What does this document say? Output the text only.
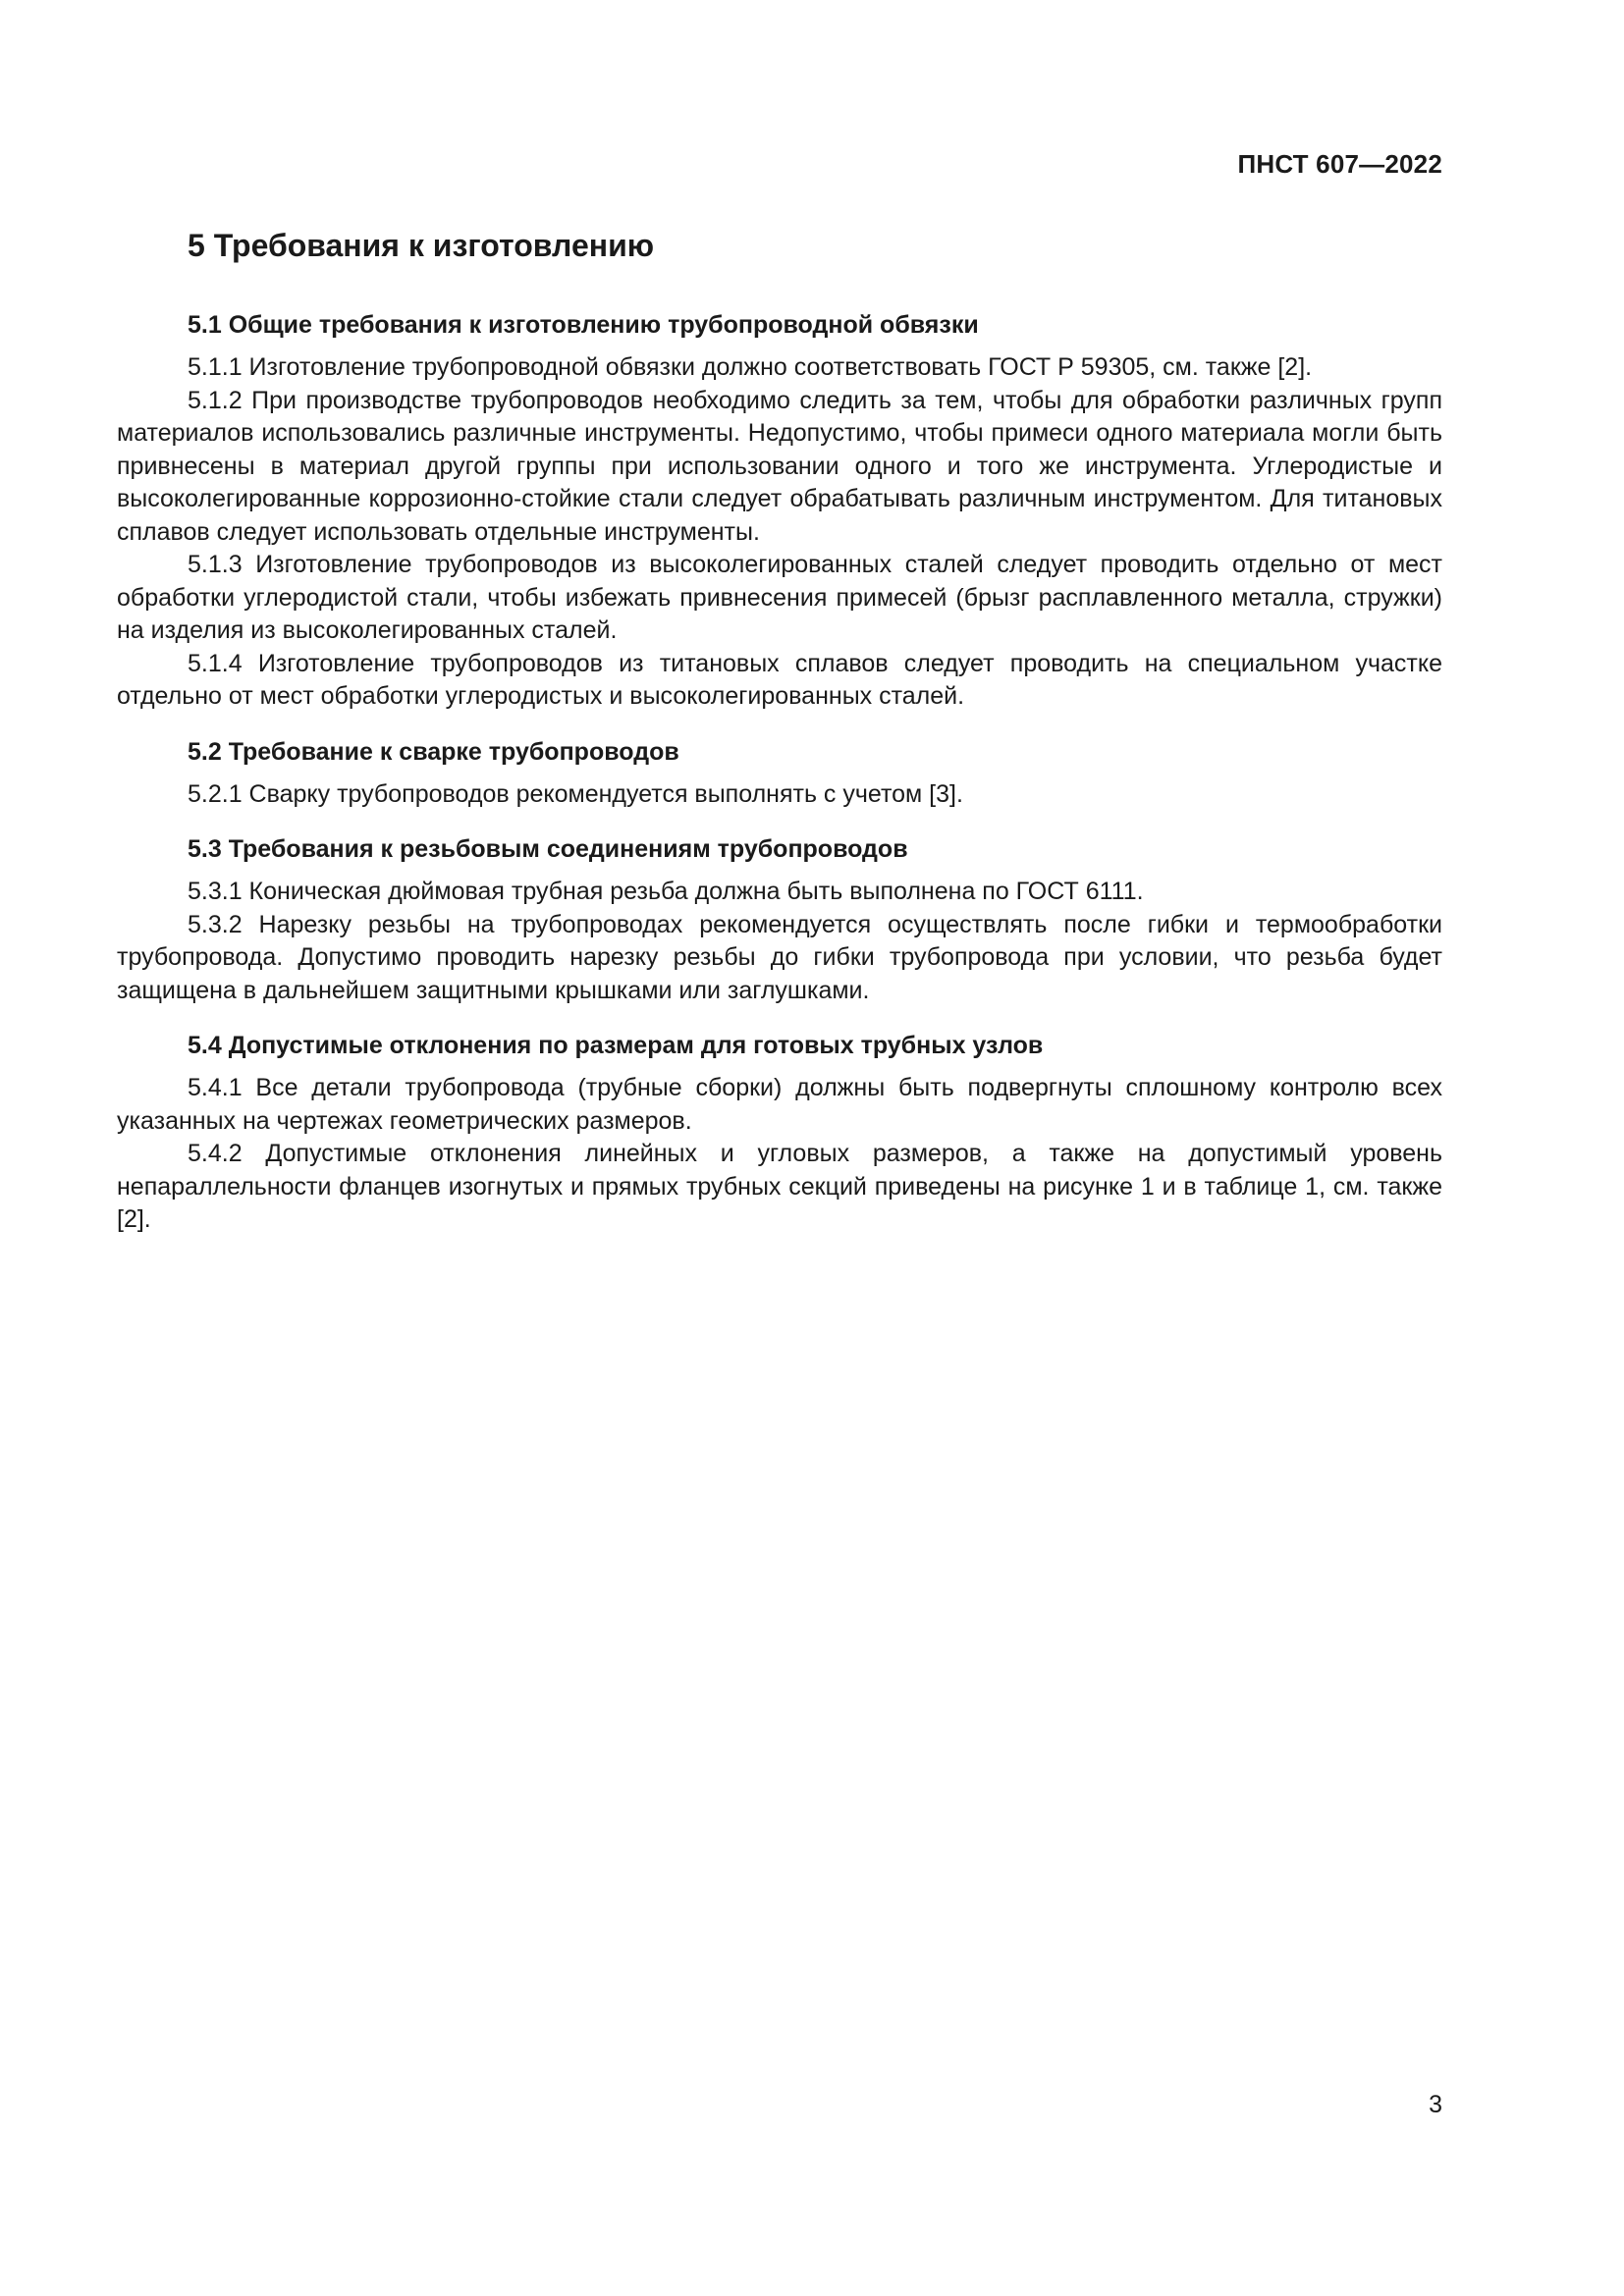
ПНСТ 607—2022
5 Требования к изготовлению
5.1 Общие требования к изготовлению трубопроводной обвязки

5.1.1 Изготовление трубопроводной обвязки должно соответствовать ГОСТ Р 59305, см. также [2].

5.1.2 При производстве трубопроводов необходимо следить за тем, чтобы для обработки различных групп материалов использовались различные инструменты. Недопустимо, чтобы примеси одного материала могли быть привнесены в материал другой группы при использовании одного и того же инструмента. Углеродистые и высоколегированные коррозионно-стойкие стали следует обрабатывать различным инструментом. Для титановых сплавов следует использовать отдельные инструменты.

5.1.3 Изготовление трубопроводов из высоколегированных сталей следует проводить отдельно от мест обработки углеродистой стали, чтобы избежать привнесения примесей (брызг расплавленного металла, стружки) на изделия из высоколегированных сталей.

5.1.4 Изготовление трубопроводов из титановых сплавов следует проводить на специальном участке отдельно от мест обработки углеродистых и высоколегированных сталей.

5.2 Требование к сварке трубопроводов

5.2.1 Сварку трубопроводов рекомендуется выполнять с учетом [3].

5.3 Требования к резьбовым соединениям трубопроводов

5.3.1 Коническая дюймовая трубная резьба должна быть выполнена по ГОСТ 6111.

5.3.2 Нарезку резьбы на трубопроводах рекомендуется осуществлять после гибки и термообработки трубопровода. Допустимо проводить нарезку резьбы до гибки трубопровода при условии, что резьба будет защищена в дальнейшем защитными крышками или заглушками.

5.4 Допустимые отклонения по размерам для готовых трубных узлов

5.4.1 Все детали трубопровода (трубные сборки) должны быть подвергнуты сплошному контролю всех указанных на чертежах геометрических размеров.

5.4.2 Допустимые отклонения линейных и угловых размеров, а также на допустимый уровень непараллельности фланцев изогнутых и прямых трубных секций приведены на рисунке 1 и в таблице 1, см. также [2].

3
